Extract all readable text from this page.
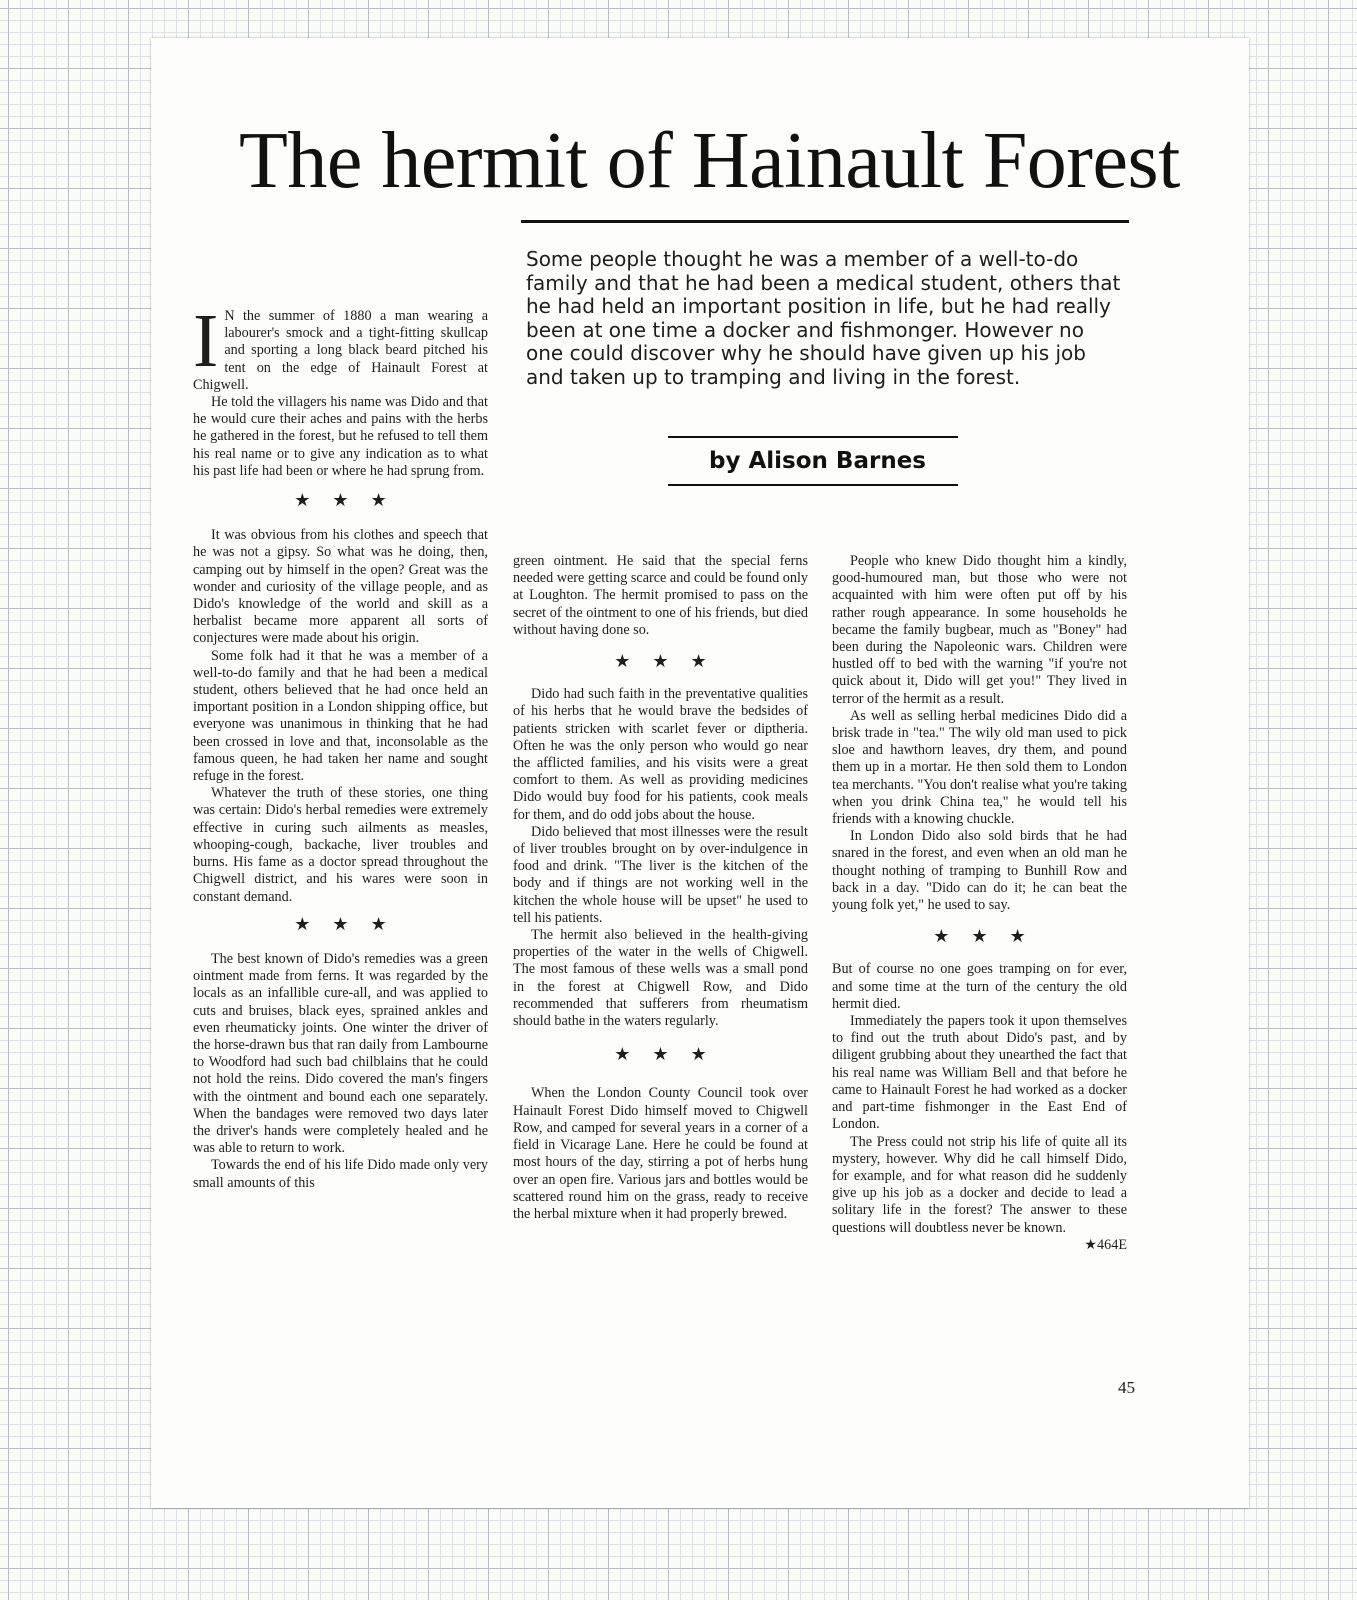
The hermit of Hainault Forest
Some people thought he was a member of a well-to-do family and that he had been a medical student, others that he had held an important position in life, but he had really been at one time a docker and fishmonger. However no one could discover why he should have given up his job and taken up to tramping and living in the forest.
by Alison Barnes

I N the summer of 1880 a man wearing a labourer's smock and a tight-fitting skullcap and sporting a long black beard pitched his tent on the edge of Hainault Forest at Chigwell.

He told the villagers his name was Dido and that he would cure their aches and pains with the herbs he gathered in the forest, but he refused to tell them his real name or to give any indication as to what his past life had been or where he had sprung from.

★★★

It was obvious from his clothes and speech that he was not a gipsy. So what was he doing, then, camping out by himself in the open? Great was the wonder and curiosity of the village people, and as Dido's knowledge of the world and skill as a herbalist became more apparent all sorts of conjectures were made about his origin.

Some folk had it that he was a member of a well-to-do family and that he had been a medical student, others believed that he had once held an important position in a London shipping office, but everyone was unanimous in thinking that he had been crossed in love and that, inconsolable as the famous queen, he had taken her name and sought refuge in the forest.

Whatever the truth of these stories, one thing was certain: Dido's herbal remedies were extremely effective in curing such ailments as measles, whooping-cough, backache, liver troubles and burns. His fame as a doctor spread throughout the Chigwell district, and his wares were soon in constant demand.

★★★

The best known of Dido's remedies was a green ointment made from ferns. It was regarded by the locals as an infallible cure-all, and was applied to cuts and bruises, black eyes, sprained ankles and even rheumaticky joints. One winter the driver of the horse-drawn bus that ran daily from Lambourne to Woodford had such bad chilblains that he could not hold the reins. Dido covered the man's fingers with the ointment and bound each one separately. When the bandages were removed two days later the driver's hands were completely healed and he was able to return to work.

Towards the end of his life Dido made only very small amounts of this

green ointment. He said that the special ferns needed were getting scarce and could be found only at Loughton. The hermit promised to pass on the secret of the ointment to one of his friends, but died without having done so.

★★★

Dido had such faith in the preventative qualities of his herbs that he would brave the bedsides of patients stricken with scarlet fever or diptheria. Often he was the only person who would go near the afflicted families, and his visits were a great comfort to them. As well as providing medicines Dido would buy food for his patients, cook meals for them, and do odd jobs about the house.

Dido believed that most illnesses were the result of liver troubles brought on by over-indulgence in food and drink. "The liver is the kitchen of the body and if things are not working well in the kitchen the whole house will be upset" he used to tell his patients.

The hermit also believed in the health-giving properties of the water in the wells of Chigwell. The most famous of these wells was a small pond in the forest at Chigwell Row, and Dido recommended that sufferers from rheumatism should bathe in the waters regularly.

★★★

When the London County Council took over Hainault Forest Dido himself moved to Chigwell Row, and camped for several years in a corner of a field in Vicarage Lane. Here he could be found at most hours of the day, stirring a pot of herbs hung over an open fire. Various jars and bottles would be scattered round him on the grass, ready to receive the herbal mixture when it had properly brewed.

People who knew Dido thought him a kindly, good-humoured man, but those who were not acquainted with him were often put off by his rather rough appearance. In some households he became the family bugbear, much as "Boney" had been during the Napoleonic wars. Children were hustled off to bed with the warning "if you're not quick about it, Dido will get you!" They lived in terror of the hermit as a result.

As well as selling herbal medicines Dido did a brisk trade in "tea." The wily old man used to pick sloe and hawthorn leaves, dry them, and pound them up in a mortar. He then sold them to London tea merchants. "You don't realise what you're taking when you drink China tea," he would tell his friends with a knowing chuckle.

In London Dido also sold birds that he had snared in the forest, and even when an old man he thought nothing of tramping to Bunhill Row and back in a day. "Dido can do it; he can beat the young folk yet," he used to say.

★★★

But of course no one goes tramping on for ever, and some time at the turn of the century the old hermit died.

Immediately the papers took it upon themselves to find out the truth about Dido's past, and by diligent grubbing about they unearthed the fact that his real name was William Bell and that before he came to Hainault Forest he had worked as a docker and part-time fishmonger in the East End of London.

The Press could not strip his life of quite all its mystery, however. Why did he call himself Dido, for example, and for what reason did he suddenly give up his job as a docker and decide to lead a solitary life in the forest? The answer to these questions will doubtless never be known.

★464E
45
